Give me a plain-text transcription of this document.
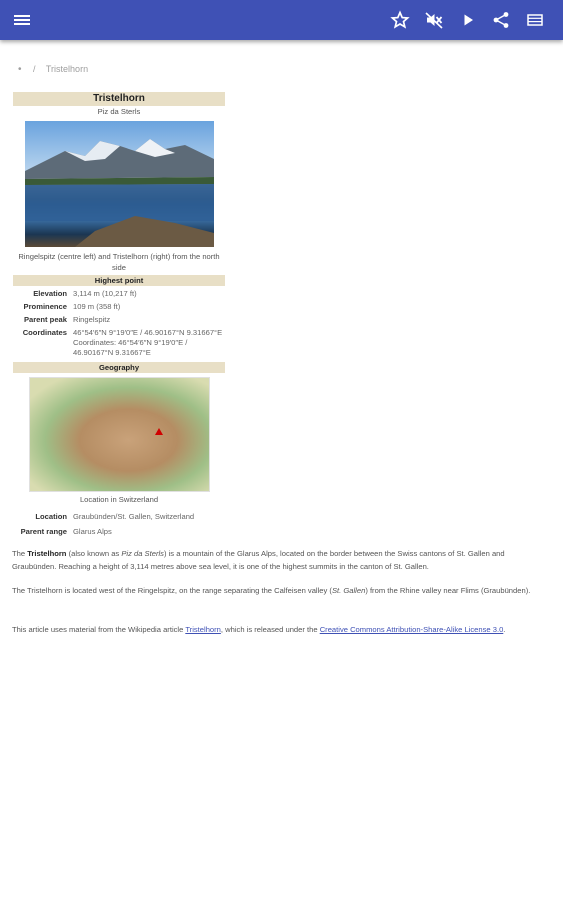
• / Tristelhorn
Tristelhorn
Piz da Sterls
Ringelspitz (centre left) and Tristelhorn (right) from the north side
Highest point
Elevation 3,114 m (10,217 ft)
Prominence 109 m (358 ft)
Parent peak Ringelspitz
Coordinates 46°54′6″N 9°19′0″E / 46.90167°N 9.31667°E Coordinates: 46°54′6″N 9°19′0″E / 46.90167°N 9.31667°E
Geography
Location in Switzerland
Location Graubünden/St. Gallen, Switzerland
Parent range Glarus Alps

The Tristelhorn (also known as Piz da Sterls) is a mountain of the Glarus Alps, located on the border between the Swiss cantons of St. Gallen and Graubünden. Reaching a height of 3,114 metres above sea level, it is one of the highest summits in the canton of St. Gallen.

The Tristelhorn is located west of the Ringelspitz, on the range separating the Calfeisen valley (St. Gallen) from the Rhine valley near Flims (Graubünden).

This article uses material from the Wikipedia article Tristelhorn, which is released under the Creative Commons Attribution-Share-Alike License 3.0.
